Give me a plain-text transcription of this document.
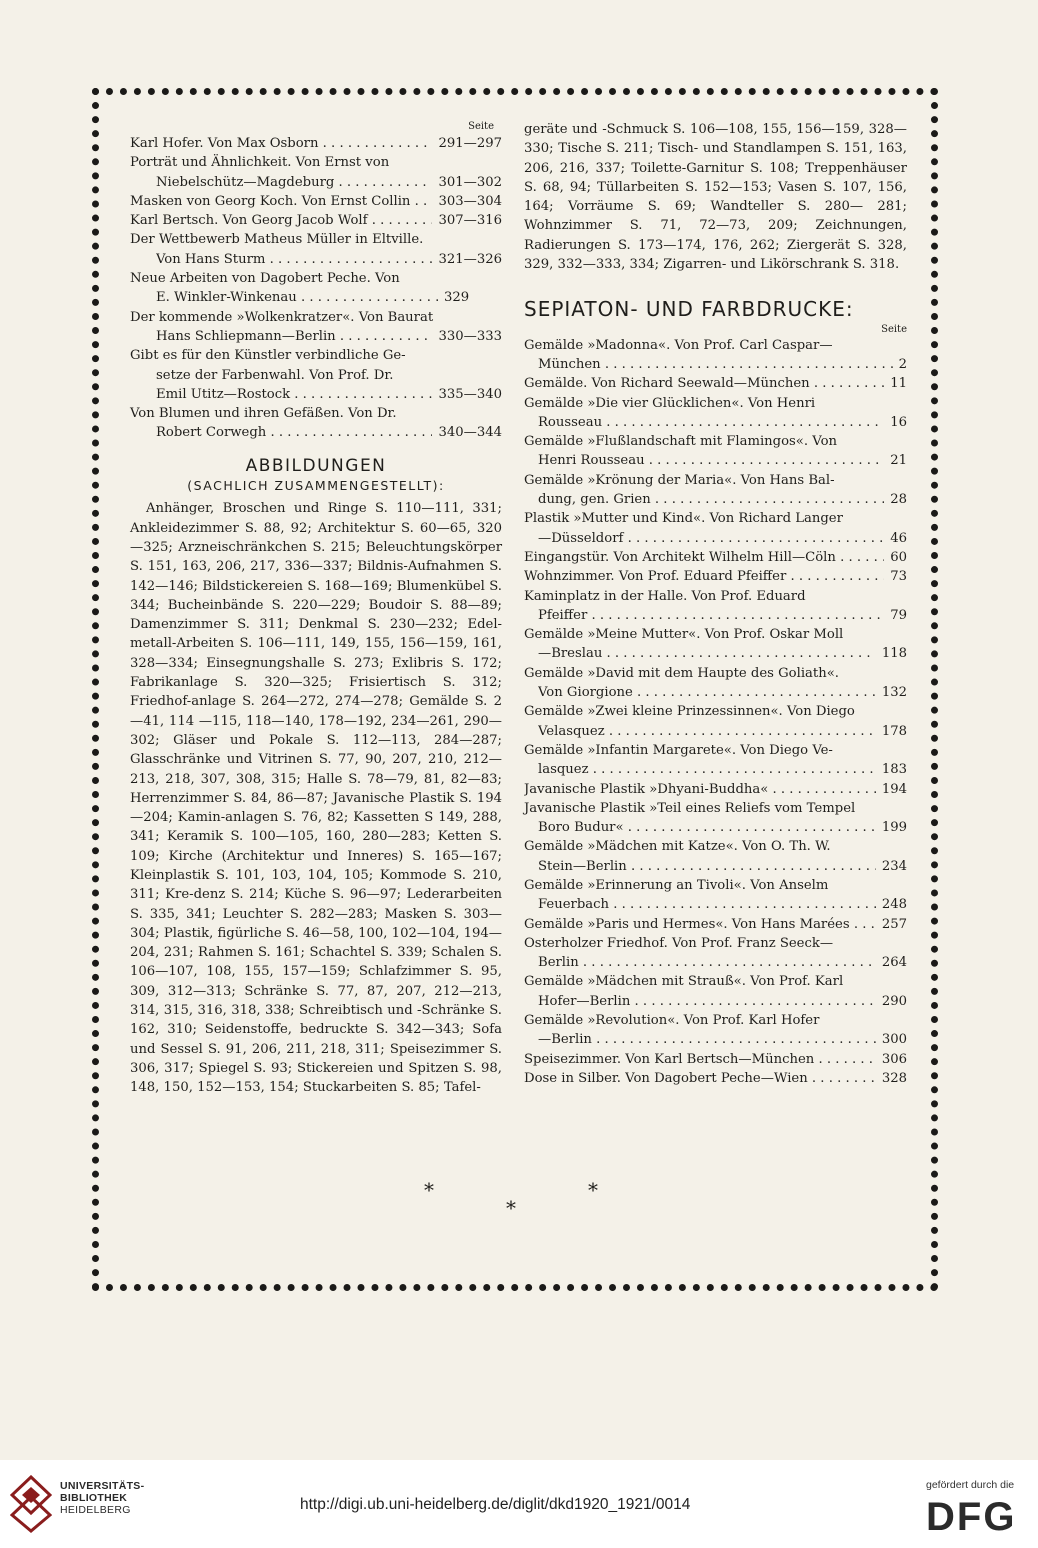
Seite
Karl Hofer. Von Max Osborn . . .	291—297
Porträt und Ähnlichkeit. Von Ernst von
Niebelschütz—Magdeburg . . .	301—302
Masken von Georg Koch. Von Ernst Collin . . .	303—304
Karl Bertsch. Von Georg Jacob Wolf . . .	307—316
Der Wettbewerb Matheus Müller in Eltville.
Von Hans Sturm . . .	321—326
Neue Arbeiten von Dagobert Peche. Von
E. Winkler-Winkenau . . .	329
Der kommende »Wolkenkratzer«. Von Baurat
Hans Schliepmann—Berlin . . .	330—333
Gibt es für den Künstler verbindliche Ge-
setze der Farbenwahl. Von Prof. Dr.
Emil Utitz—Rostock . . .	335—340
Von Blumen und ihren Gefäßen. Von Dr.
Robert Corwegh . . .	340—344
ABBILDUNGEN
(SACHLICH ZUSAMMENGESTELLT):
Anhänger, Broschen und Ringe S. 110—111, 331; Ankleidezimmer S. 88, 92; Architektur S. 60—65, 320 —325; Arzneischränkchen S. 215; Beleuchtungskörper S. 151, 163, 206, 217, 336—337; Bildnis-Aufnahmen S. 142—146; Bildstickereien S. 168—169; Blumenkübel S. 344; Bucheinbände S. 220—229; Boudoir S. 88—89; Damenzimmer S. 311; Denkmal S. 230—232; Edel-metall-Arbeiten S. 106—111, 149, 155, 156—159, 161, 328—334; Einsegnungshalle S. 273; Exlibris S. 172; Fabrikanlage S. 320—325; Frisiertisch S. 312; Friedhof-anlage S. 264—272, 274—278; Gemälde S. 2—41, 114 —115, 118—140, 178—192, 234—261, 290—302; Gläser und Pokale S. 112—113, 284—287; Glasschränke und Vitrinen S. 77, 90, 207, 210, 212—213, 218, 307, 308, 315; Halle S. 78—79, 81, 82—83; Herrenzimmer S. 84, 86—87; Javanische Plastik S. 194—204; Kamin-anlagen S. 76, 82; Kassetten S 149, 288, 341; Keramik S. 100—105, 160, 280—283; Ketten S. 109; Kirche (Architektur und Inneres) S. 165—167; Kleinplastik S. 101, 103, 104, 105; Kommode S. 210, 311; Kre-denz S. 214; Küche S. 96—97; Lederarbeiten S. 335, 341; Leuchter S. 282—283; Masken S. 303—304; Plastik, figürliche S. 46—58, 100, 102—104, 194— 204, 231; Rahmen S. 161; Schachtel S. 339; Schalen S. 106—107, 108, 155, 157—159; Schlafzimmer S. 95, 309, 312—313; Schränke S. 77, 87, 207, 212—213, 314, 315, 316, 318, 338; Schreibtisch und -Schränke S. 162, 310; Seidenstoffe, bedruckte S. 342—343; Sofa und Sessel S. 91, 206, 211, 218, 311; Speisezimmer S. 306, 317; Spiegel S. 93; Stickereien und Spitzen S. 98, 148, 150, 152—153, 154; Stuckarbeiten S. 85; Tafel-
geräte und -Schmuck S. 106—108, 155, 156—159, 328—330; Tische S. 211; Tisch- und Standlampen S. 151, 163, 206, 216, 337; Toilette-Garnitur S. 108; Treppenhäuser S. 68, 94; Tüllarbeiten S. 152—153; Vasen S. 107, 156, 164; Vorräume S. 69; Wandteller S. 280— 281; Wohnzimmer S. 71, 72—73, 209; Zeichnungen, Radierungen S. 173—174, 176, 262; Ziergerät S. 328, 329, 332—333, 334; Zigarren- und Likörschrank S. 318.
SEPIATON- UND FARBDRUCKE:
Seite
Gemälde »Madonna«. Von Prof. Carl Caspar—
München . . .	2
Gemälde. Von Richard Seewald—München . . .	11
Gemälde »Die vier Glücklichen«. Von Henri
Rousseau . . .	16
Gemälde »Flußlandschaft mit Flamingos«. Von
Henri Rousseau . . .	21
Gemälde »Krönung der Maria«. Von Hans Bal-
dung, gen. Grien . . .	28
Plastik »Mutter und Kind«. Von Richard Langer
—Düsseldorf . . .	46
Eingangstür. Von Architekt Wilhelm Hill—Cöln . . .	60
Wohnzimmer. Von Prof. Eduard Pfeiffer . . .	73
Kaminplatz in der Halle. Von Prof. Eduard
Pfeiffer . . .	79
Gemälde »Meine Mutter«. Von Prof. Oskar Moll
—Breslau . . .	118
Gemälde »David mit dem Haupte des Goliath«.
Von Giorgione . . .	132
Gemälde »Zwei kleine Prinzessinnen«. Von Diego
Velasquez . . .	178
Gemälde »Infantin Margarete«. Von Diego Ve-
lasquez . . .	183
Javanische Plastik »Dhyani-Buddha« . . .	194
Javanische Plastik »Teil eines Reliefs vom Tempel
Boro Budur« . . .	199
Gemälde »Mädchen mit Katze«. Von O. Th. W.
Stein—Berlin . . .	234
Gemälde »Erinnerung an Tivoli«. Von Anselm
Feuerbach . . .	248
Gemälde »Paris und Hermes«. Von Hans Marées . . .	257
Osterholzer Friedhof. Von Prof. Franz Seeck—
Berlin . . .	264
Gemälde »Mädchen mit Strauß«. Von Prof. Karl
Hofer—Berlin . . .	290
Gemälde »Revolution«. Von Prof. Karl Hofer
—Berlin . . .	300
Speisezimmer. Von Karl Bertsch—München . . .	306
Dose in Silber. Von Dagobert Peche—Wien . . .	328
*	*
*
UNIVERSITÄTS-
BIBLIOTHEK
HEIDELBERG	http://digi.ub.uni-heidelberg.de/diglit/dkd1920_1921/0014
gefördert durch die
DFG
